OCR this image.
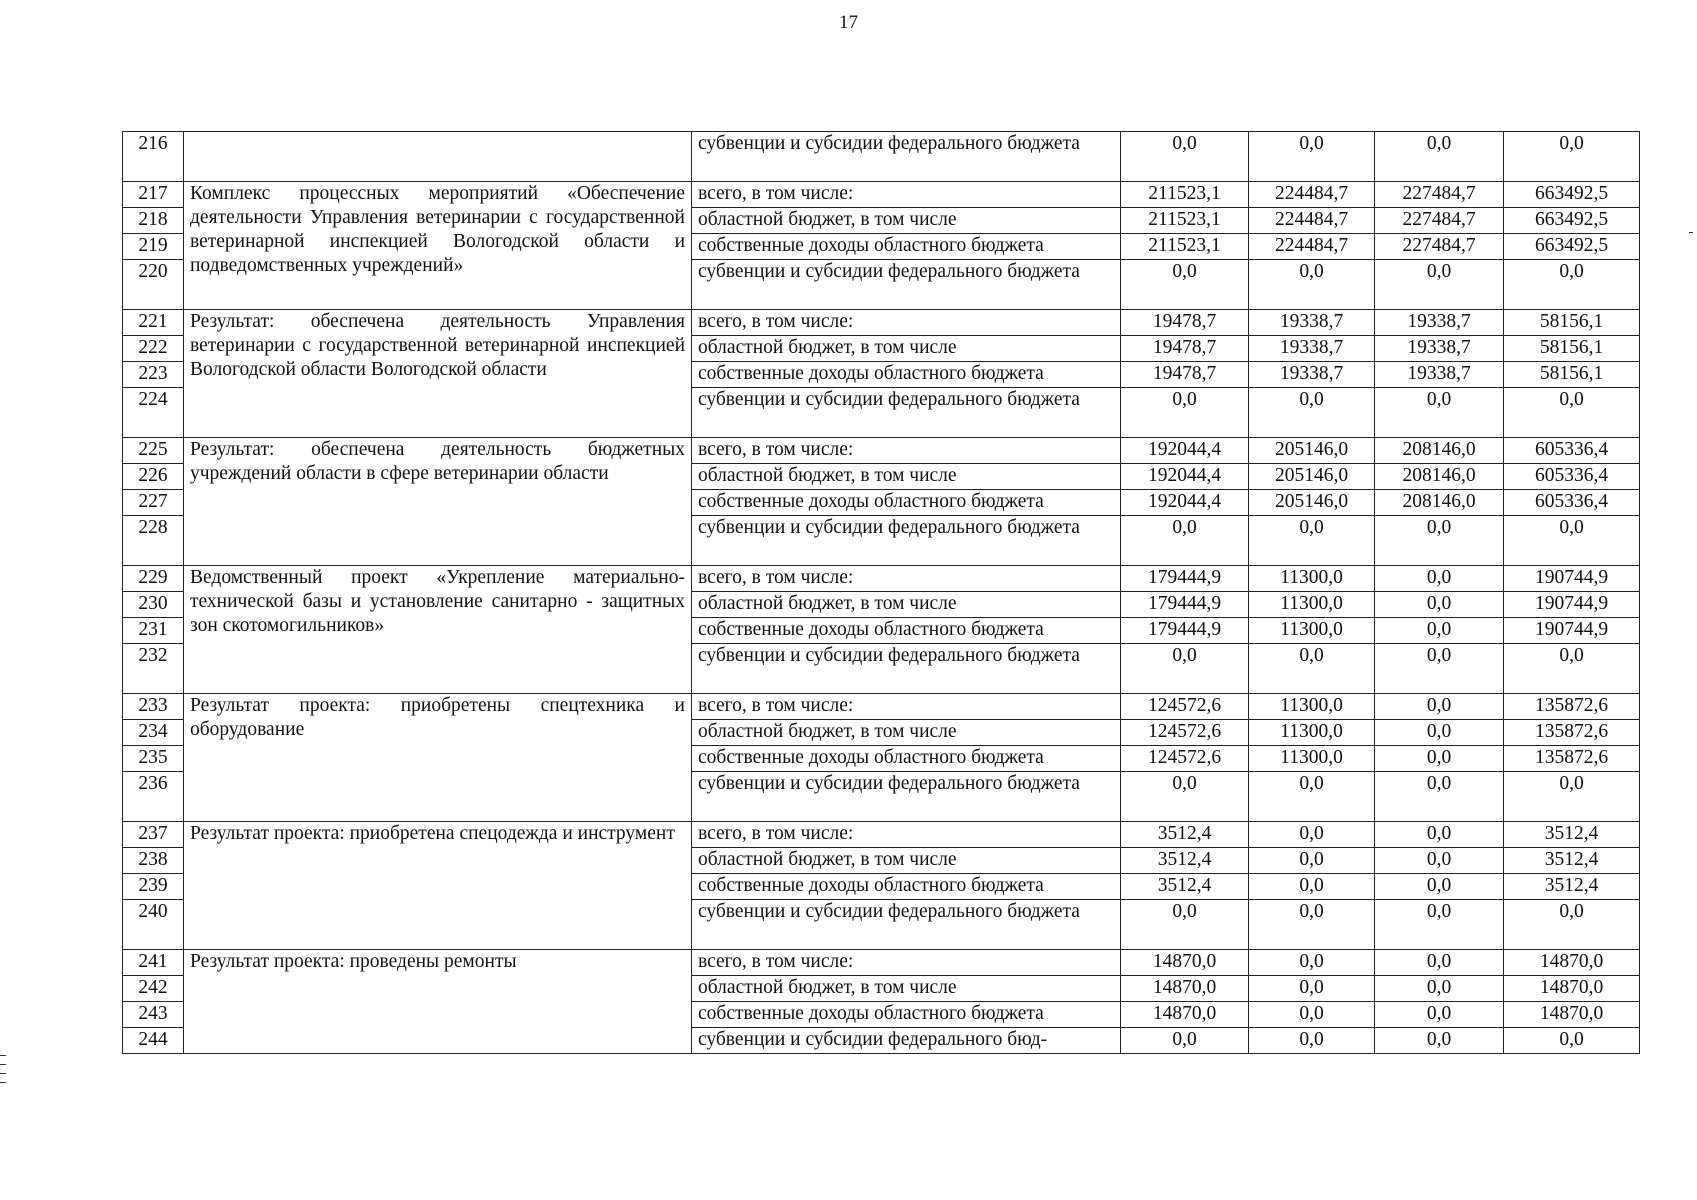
17
216		субвенции и субсидии федерального бюджета	0,0	0,0	0,0	0,0
217	Комплекс процессных мероприятий «Обеспечение деятельности Управления ветеринарии с государственной ветеринарной инспекцией Вологодской области и подведомственных учреждений»	всего, в том числе:	211523,1	224484,7	227484,7	663492,5
218		областной бюджет, в том числе	211523,1	224484,7	227484,7	663492,5
219		собственные доходы областного бюджета	211523,1	224484,7	227484,7	663492,5
220		субвенции и субсидии федерального бюджета	0,0	0,0	0,0	0,0
221	Результат: обеспечена деятельность Управления ветеринарии с государственной ветеринарной инспекцией Вологодской области Вологодской области	всего, в том числе:	19478,7	19338,7	19338,7	58156,1
222		областной бюджет, в том числе	19478,7	19338,7	19338,7	58156,1
223		собственные доходы областного бюджета	19478,7	19338,7	19338,7	58156,1
224		субвенции и субсидии федерального бюджета	0,0	0,0	0,0	0,0
225	Результат: обеспечена деятельность бюджетных учреждений области в сфере ветеринарии области	всего, в том числе:	192044,4	205146,0	208146,0	605336,4
226		областной бюджет, в том числе	192044,4	205146,0	208146,0	605336,4
227		собственные доходы областного бюджета	192044,4	205146,0	208146,0	605336,4
228		субвенции и субсидии федерального бюджета	0,0	0,0	0,0	0,0
229	Ведомственный проект «Укрепление материально-технической базы и установление санитарно - защитных зон скотомогильников»	всего, в том числе:	179444,9	11300,0	0,0	190744,9
230		областной бюджет, в том числе	179444,9	11300,0	0,0	190744,9
231		собственные доходы областного бюджета	179444,9	11300,0	0,0	190744,9
232		субвенции и субсидии федерального бюджета	0,0	0,0	0,0	0,0
233	Результат проекта: приобретены спецтехника и оборудование	всего, в том числе:	124572,6	11300,0	0,0	135872,6
234		областной бюджет, в том числе	124572,6	11300,0	0,0	135872,6
235		собственные доходы областного бюджета	124572,6	11300,0	0,0	135872,6
236		субвенции и субсидии федерального бюджета	0,0	0,0	0,0	0,0
237	Результат проекта: приобретена спецодежда и инструмент	всего, в том числе:	3512,4	0,0	0,0	3512,4
238		областной бюджет, в том числе	3512,4	0,0	0,0	3512,4
239		собственные доходы областного бюджета	3512,4	0,0	0,0	3512,4
240		субвенции и субсидии федерального бюджета	0,0	0,0	0,0	0,0
241	Результат проекта: проведены ремонты	всего, в том числе:	14870,0	0,0	0,0	14870,0
242		областной бюджет, в том числе	14870,0	0,0	0,0	14870,0
243		собственные доходы областного бюджета	14870,0	0,0	0,0	14870,0
244		субвенции и субсидии федерального бюд-	0,0	0,0	0,0	0,0
